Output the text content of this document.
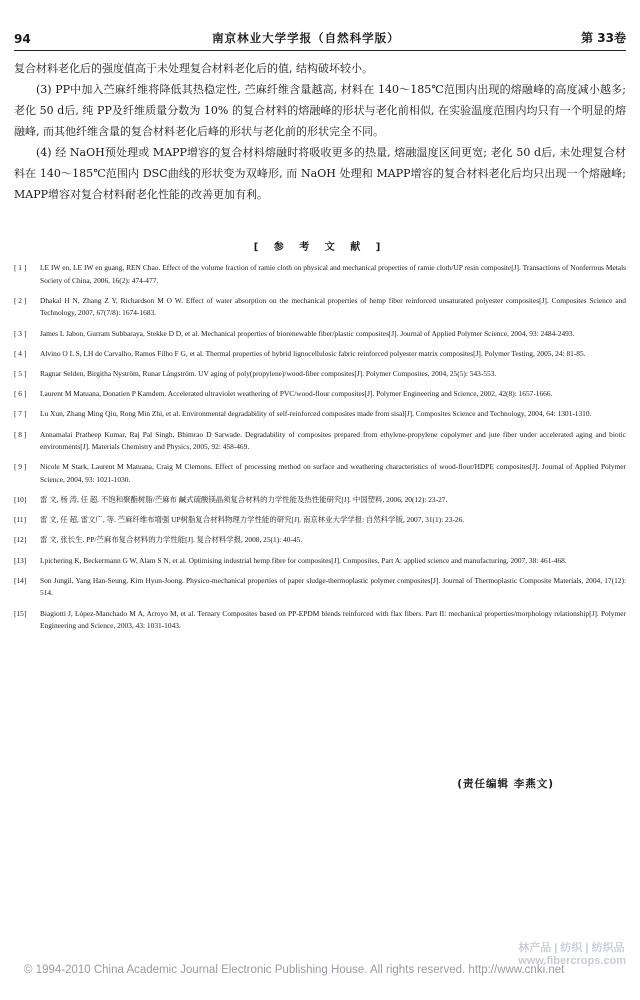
94	南京林业大学学报（自然科学版）	第 33卷

复合材料老化后的强度值高于未处理复合材料老化后的值, 结构破坏较小。

(3) PP中加入苎麻纤维将降低其热稳定性, 苎麻纤维含量越高, 材料在 140～185℃范围内出现的熔融峰的高度减小越多; 老化 50 d后, 纯 PP及纤维质量分数为 10% 的复合材料的熔融峰的形状与老化前相似, 在实验温度范围内均只有一个明显的熔融峰, 而其他纤维含量的复合材料老化后峰的形状与老化前的形状完全不同。

(4) 经 NaOH预处理或 MAPP增容的复合材料熔融时将吸收更多的热量, 熔融温度区间更宽; 老化 50 d后, 未处理复合材料在 140～185℃范围内 DSC曲线的形状变为双峰形, 而 NaOH 处理和 MAPP增容的复合材料老化后均只出现一个熔融峰; MAPP增容对复合材料耐老化性能的改善更加有利。

[ 参 考 文 献 ]
[ 1 ]	LE IW en, LE IW en guang, REN Chao. Effect of the volume fraction of ramie cloth on physical and mechanical properties of ramie cloth/UP resin composite[J]. Transactions of Nonferrous Metals Society of China, 2006, 16(2): 474-477.
[ 2 ]	Dhakal H N, Zhang Z Y, Richardson M O W. Effect of water absorption on the mechanical properties of hemp fiber reinforced unsaturated polyester composites[J]. Composites Science and Technology, 2007, 67(7/8): 1674-1683.
[ 3 ]	James L Jabon, Gurram Subbaraya, Stekke D D, et al. Mechanical properties of biorenewable fiber/plastic composites[J]. Journal of Applied Polymer Science, 2004, 93: 2484-2493.
[ 4 ]	Alvino O L S, LH de Carvalho, Ramos Filho F G, et al. Thermal properties of hybrid lignocellulosic fabric reinforced polyester matrix composites[J]. Polymer Testing, 2005, 24: 81-85.
[ 5 ]	Ragnar Selden, Birgitha Nyström, Runar Långström. UV aging of poly(propylene)/wood-fiber composites[J]. Polymer Composites, 2004, 25(5): 543-553.
[ 6 ]	Laurent M Matuana, Donatien P Kamdem. Accelerated ultraviolet weathering of PVC/wood-flour composites[J]. Polymer Engineering and Science, 2002, 42(8): 1657-1666.
[ 7 ]	Lu Xun, Zhang Ming Qiu, Rong Min Zhi, et al. Environmental degradability of self-reinforced composites made from sisal[J]. Composites Science and Technology, 2004, 64: 1301-1310.
[ 8 ]	Annamalai Pratheep Kumar, Raj Pal Singh, Bhimrao D Sarwade. Degradability of composites prepared from ethylene-propylene copolymer and jute fiber under accelerated aging and biotic environments[J]. Materials Chemistry and Physics, 2005, 92: 458-469.
[ 9 ]	Nicole M Stark, Laurent M Matuana, Craig M Clemons. Effect of processing method on surface and weathering characteristics of wood-flour/HDPE composites[J]. Journal of Applied Polymer Science, 2004, 93: 1021-1030.
[10]	雷 文, 杨 涛, 任 超. 不饱和聚酯树脂/苎麻布 鹹式硫酸镁晶须复合材料的力学性能及热性能研究[J]. 中国塑料, 2006, 20(12): 23-27.
[11]	雷 文, 任 超, 雷文广, 等. 苎麻纤维布增强 UP树脂复合材料物理力学性能的研究[J]. 南京林业大学学报: 自然科学版, 2007, 31(1): 23-26.
[12]	雷 文, 张长生. PP/苎麻布复合材料的力学性能[J]. 复合材料学报, 2008, 25(1): 40-45.
[13]	Lpichering K, Beckermann G W, Alam S N, et al. Optimising industrial hemp fibre for composites[J]. Composites, Part A: applied science and manufacturing, 2007, 38: 461-468.
[14]	Son Jungil, Yang Han-Seung, Kim Hyun-Joong. Physico-mechanical properties of paper sludge-thermoplastic polymer composites[J]. Journal of Thermoplastic Composite Materials, 2004, 17(12): 514.
[15]	Biagiotti J, López-Manchado M A, Arroyo M, et al. Ternary Composites based on PP-EPDM blends reinforced with flax fibers. Part II: mechanical properties/morphology relationship[J]. Polymer Engineering and Science, 2003, 43: 1031-1043.
(责任编辑 李燕文)
林产品 | 纺织 | 纺织品
www.fibercrops.com
© 1994-2010 China Academic Journal Electronic Publishing House. All rights reserved. http://www.cnki.net
